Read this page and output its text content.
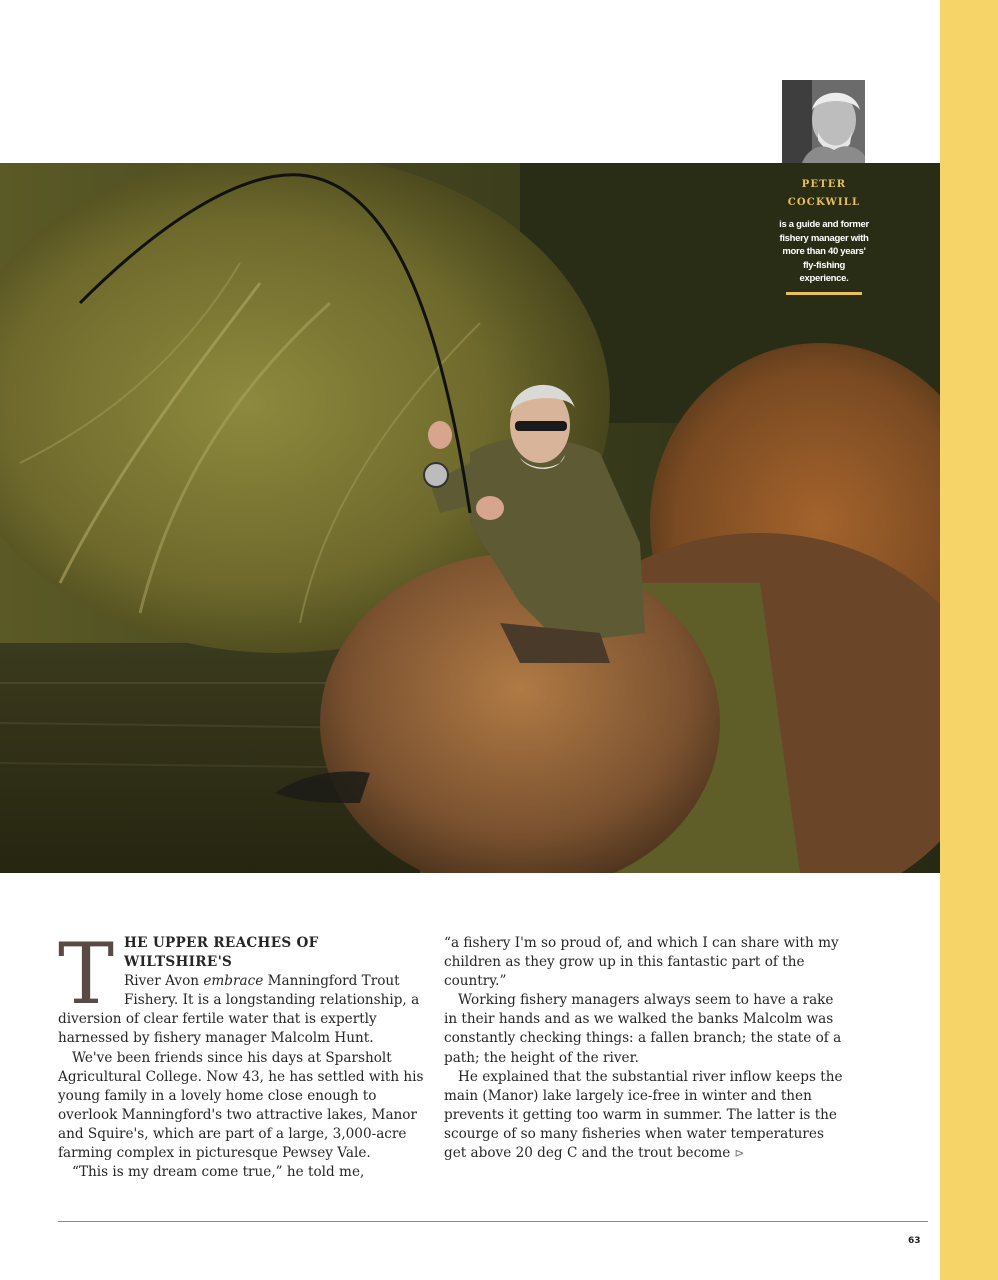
PETER
COCKWILL
is a guide and former fishery manager with more than 40 years' fly-fishing experience.

T HE UPPER REACHES OF WILTSHIRE'S
River Avon embrace Manningford Trout Fishery. It is a longstanding relationship, a diversion of clear fertile water that is expertly harnessed by fishery manager Malcolm Hunt.

We've been friends since his days at Sparsholt Agricultural College. Now 43, he has settled with his young family in a lovely home close enough to overlook Manningford's two attractive lakes, Manor and Squire's, which are part of a large, 3,000-acre farming complex in picturesque Pewsey Vale.

“This is my dream come true,” he told me,

“a fishery I'm so proud of, and which I can share with my children as they grow up in this fantastic part of the country.”

Working fishery managers always seem to have a rake in their hands and as we walked the banks Malcolm was constantly checking things: a fallen branch; the state of a path; the height of the river.

He explained that the substantial river inflow keeps the main (Manor) lake largely ice-free in winter and then prevents it getting too warm in summer. The latter is the scourge of so many fisheries when water temperatures get above 20 deg C and the trout become ⊳

63
